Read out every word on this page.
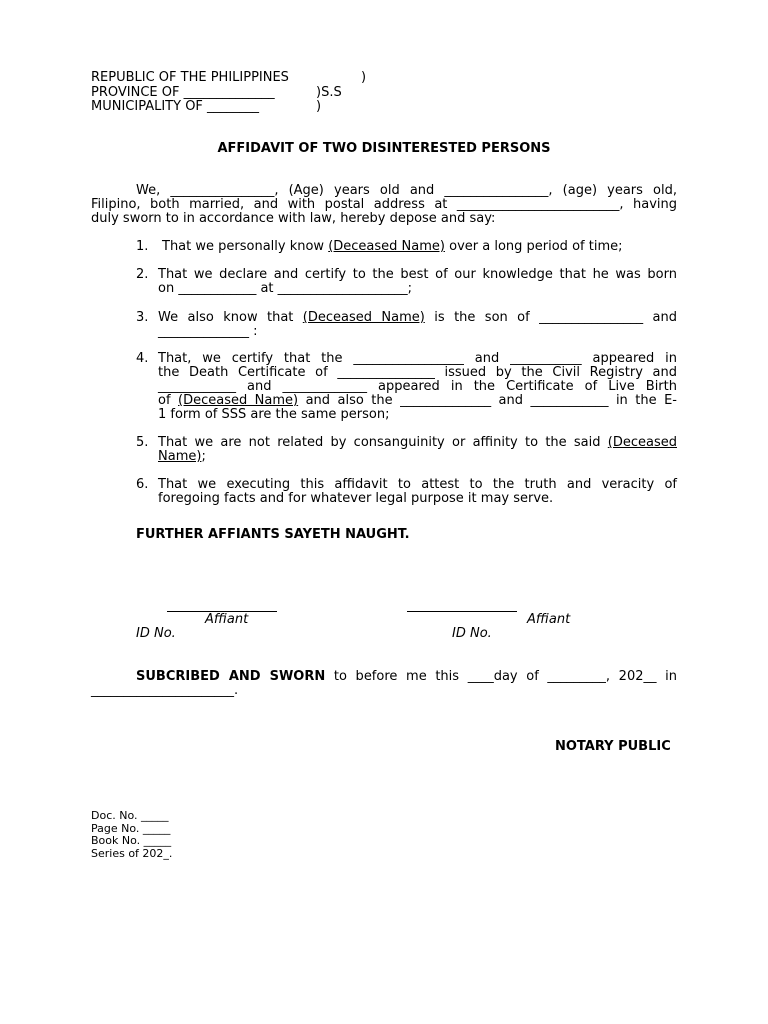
REPUBLIC OF THE PHILIPPINES	)
PROVINCE OF ______________	)S.S
MUNICIPALITY OF ________	)
AFFIDAVIT OF TWO DISINTERESTED PERSONS
We, ________________, (Age) years old and ________________, (age) years old,
Filipino, both married, and with postal address at _________________________, having
duly sworn to in accordance with law, hereby depose and say:
1. That we personally know (Deceased Name) over a long period of time;
2. That we declare and certify to the best of our knowledge that he was born
on ____________ at ____________________;
3. We also know that (Deceased Name) is the son of ________________ and
______________ :
4. That, we certify that the _________________ and ___________ appeared in
the Death Certificate of _______________ issued by the Civil Registry and
____________ and _____________ appeared in the Certificate of Live Birth
of (Deceased Name) and also the ______________ and ____________ in the E-
1 form of SSS are the same person;
5. That we are not related by consanguinity or affinity to the said (Deceased
Name);
6. That we executing this affidavit to attest to the truth and veracity of
foregoing facts and for whatever legal purpose it may serve.
FURTHER AFFIANTS SAYETH NAUGHT.
Affiant	Affiant
ID No.	ID No.
SUBCRIBED AND SWORN to before me this ____day of _________, 202__ in
______________________.
NOTARY PUBLIC
Doc. No. _____
Page No. _____
Book No. _____
Series of 202_.
